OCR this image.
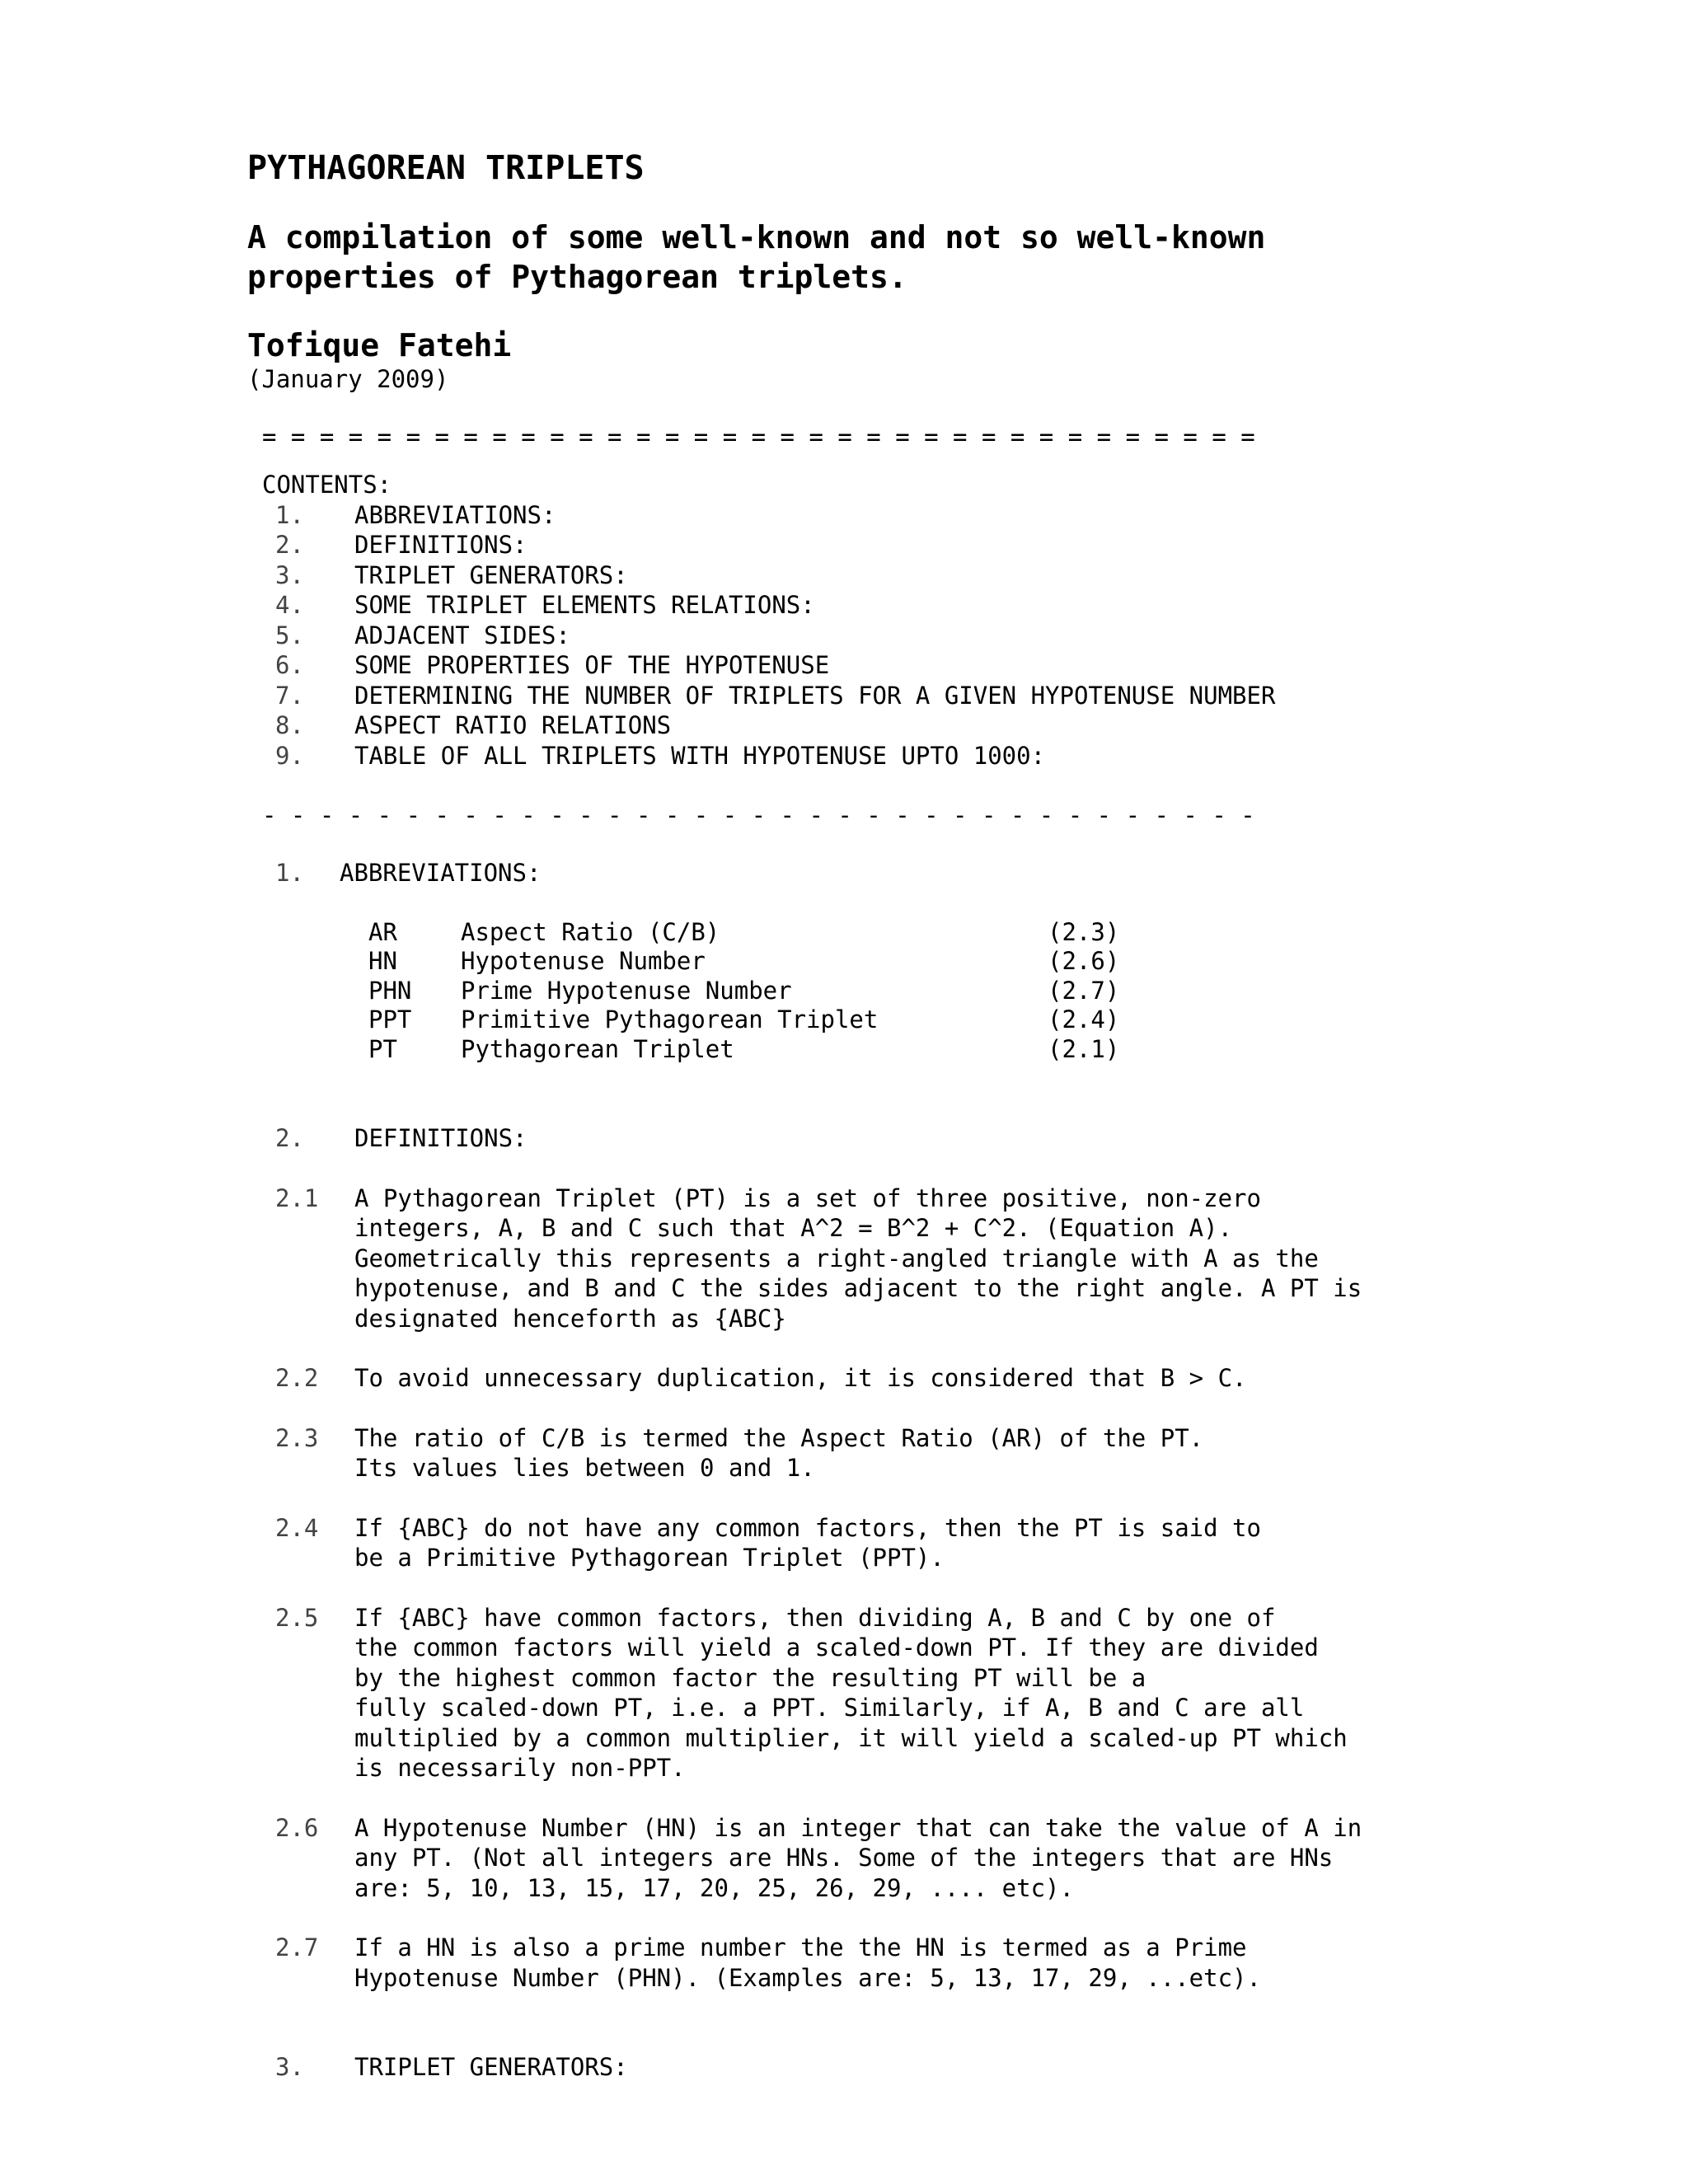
PYTHAGOREAN TRIPLETS
A compilation of some well-known and not so well-known
properties of Pythagorean triplets.
Tofique Fatehi
(January 2009)
= = = = = = = = = = = = = = = = = = = = = = = = = = = = = = = = = = =
CONTENTS:
1.	ABBREVIATIONS:
2.	DEFINITIONS:
3.	TRIPLET GENERATORS:
4.	SOME TRIPLET ELEMENTS RELATIONS:
5.	ADJACENT SIDES:
6.	SOME PROPERTIES OF THE HYPOTENUSE
7.	DETERMINING THE NUMBER OF TRIPLETS FOR A GIVEN HYPOTENUSE NUMBER
8.	ASPECT RATIO RELATIONS
9.	TABLE OF ALL TRIPLETS WITH HYPOTENUSE UPTO 1000:
- - - - - - - - - - - - - - - - - - - - - - - - - - - - - - - - - - -
1.	ABBREVIATIONS:
AR	Aspect Ratio (C/B)	(2.3)
HN	Hypotenuse Number	(2.6)
PHN	Prime Hypotenuse Number	(2.7)
PPT	Primitive Pythagorean Triplet	(2.4)
PT	Pythagorean Triplet	(2.1)
2.	DEFINITIONS:
2.1	A Pythagorean Triplet (PT) is a set of three positive, non-zero
integers, A, B and C such that A^2 = B^2 + C^2. (Equation A).
Geometrically this represents a right-angled triangle with A as the
hypotenuse, and B and C the sides adjacent to the right angle. A PT is
designated henceforth as {ABC}
2.2	To avoid unnecessary duplication, it is considered that B > C.
2.3	The ratio of C/B is termed the Aspect Ratio (AR) of the PT.
Its values lies between 0 and 1.
2.4	If {ABC} do not have any common factors, then the PT is said to
be a Primitive Pythagorean Triplet (PPT).
2.5	If {ABC} have common factors, then dividing A, B and C by one of
the common factors will yield a scaled-down PT. If they are divided
by the highest common factor the resulting PT will be a
fully scaled-down PT, i.e. a PPT. Similarly, if A, B and C are all
multiplied by a common multiplier, it will yield a scaled-up PT which
is necessarily non-PPT.
2.6	A Hypotenuse Number (HN) is an integer that can take the value of A in
any PT. (Not all integers are HNs. Some of the integers that are HNs
are: 5, 10, 13, 15, 17, 20, 25, 26, 29, .... etc).
2.7	If a HN is also a prime number the the HN is termed as a Prime
Hypotenuse Number (PHN). (Examples are: 5, 13, 17, 29, ...etc).
3.	TRIPLET GENERATORS:
